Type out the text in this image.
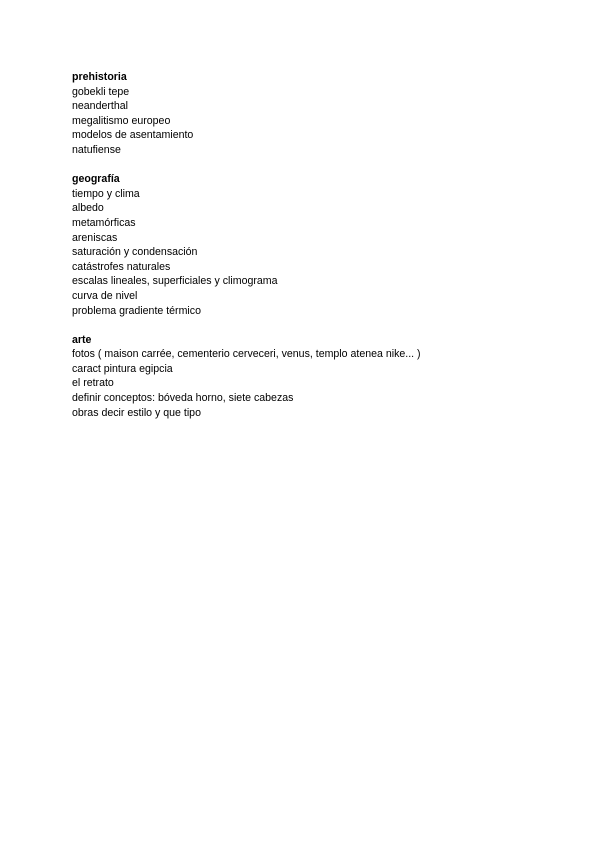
prehistoria
gobekli tepe
neanderthal
megalitismo europeo
modelos de asentamiento
natufiense
geografía
tiempo y clima
albedo
metamórficas
areniscas
saturación y condensación
catástrofes naturales
escalas lineales, superficiales y climograma
curva de nivel
problema gradiente térmico
arte
fotos ( maison carrée, cementerio cerveceri, venus, templo atenea nike... )
caract pintura egipcia
el retrato
definir conceptos: bóveda horno, siete cabezas
obras decir estilo y que tipo
